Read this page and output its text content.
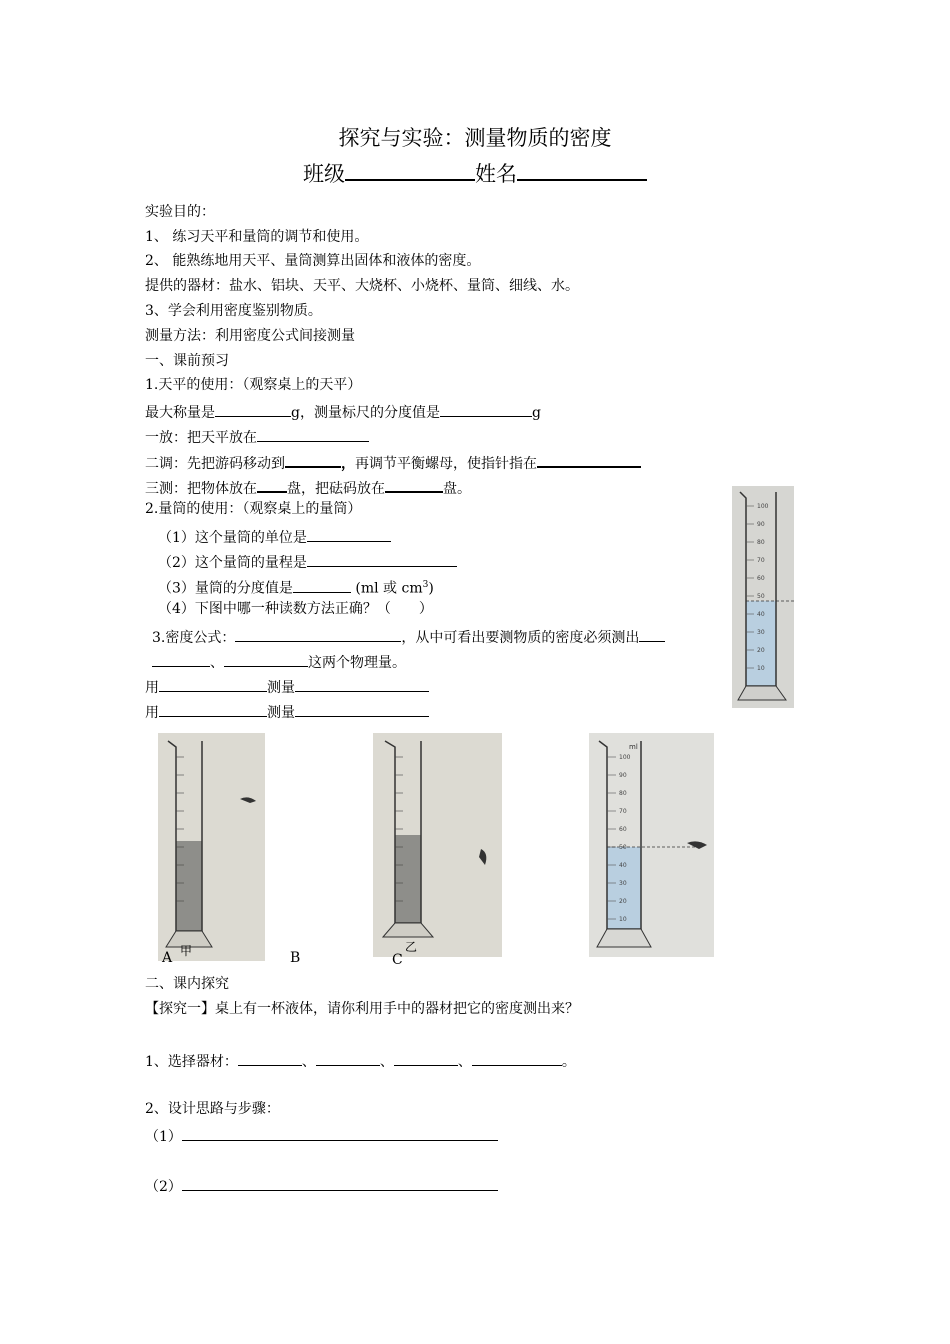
探究与实验：测量物质的密度
班级	姓名
实验目的：
1、 练习天平和量筒的调节和使用。
2、 能熟练地用天平、量筒测算出固体和液体的密度。
提供的器材：盐水、铝块、天平、大烧杯、小烧杯、量筒、细线、水。
3、学会利用密度鉴别物质。
测量方法：利用密度公式间接测量
一、课前预习
1.天平的使用：（观察桌上的天平）
最大称量是	g，测量标尺的分度值是	g
一放：把天平放在
二调：先把游码移动到	，再调节平衡螺母，使指针指在
三测：把物体放在 盘，把砝码放在	盘。
2.量筒的使用：（观察桌上的量筒）
（1）这个量筒的单位是
（2）这个量筒的量程是
（3）量筒的分度值是	(ml 或 $cm^3$)
（4）下图中哪一种读数方法正确？（　　）
3.密度公式：	，从中可看出要测物质的密度必须测出
、	这两个物理量。
用	测量
用	测量
100
90
80
70
60
50
40
30
20
10
甲	乙
ml
100
90
80
70
60
50
40
30
20
10
A	B	C
二、课内探究
【探究一】桌上有一杯液体，请你利用手中的器材把它的密度测出来？
1、选择器材：	、	、	、	。
2、设计思路与步骤：
（1）
（2）
